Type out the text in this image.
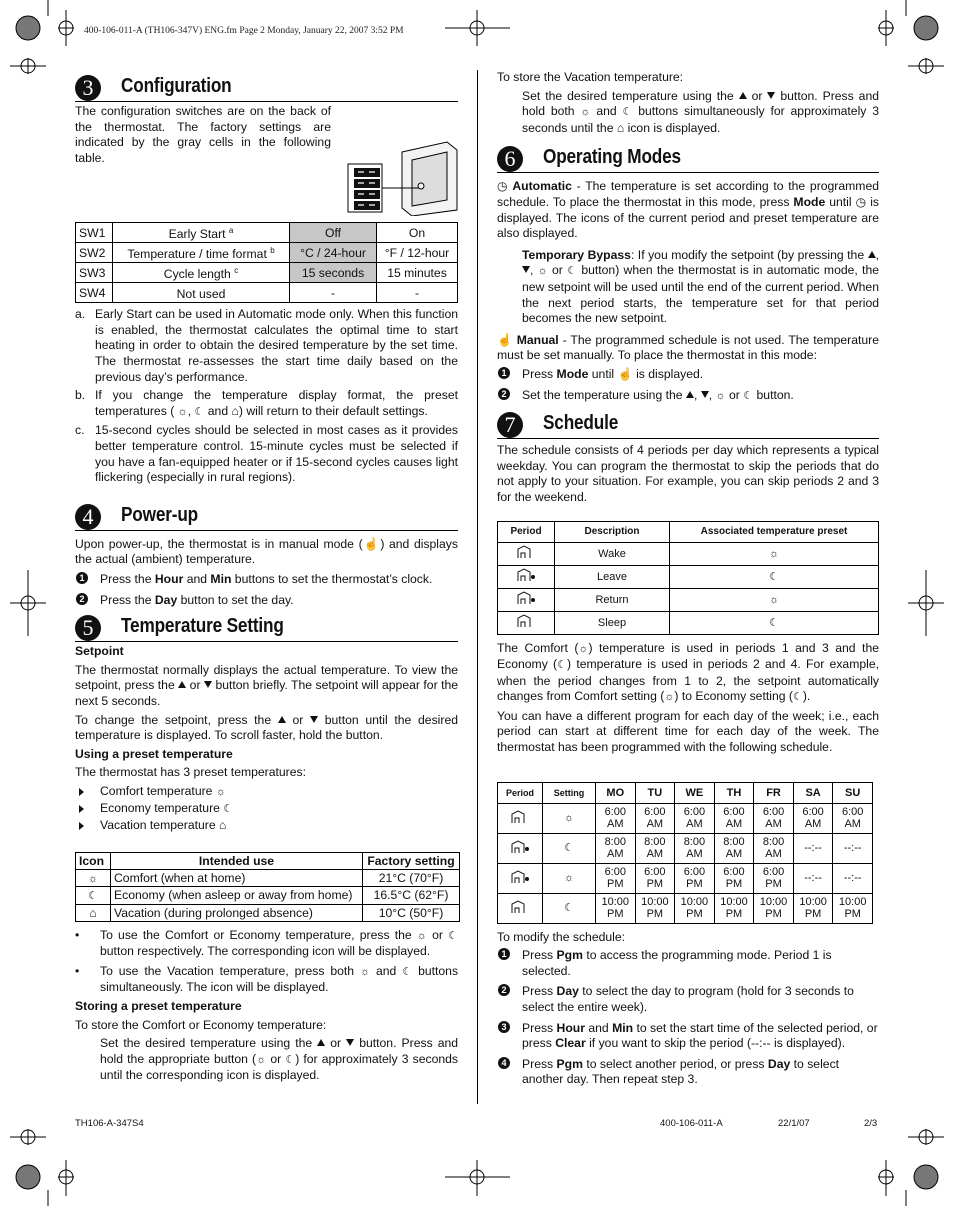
400-106-011-A (TH106-347V) ENG.fm Page 2 Monday, January 22, 2007 3:52 PM
3	Configuration

The configuration switches are on the back of the thermostat. The factory settings are indicated by the gray cells in the following table.

SW1	Early Start $^a$	Off	On
SW2	Temperature / time format $^b$	°C / 24-hour	°F / 12-hour
SW3	Cycle length $^c$	15 seconds	15 minutes
SW4	Not used	-	-
a. Early Start can be used in Automatic mode only. When this function is enabled, the thermostat calculates the optimal time to start heating in order to obtain the desired temperature by the set time. The thermostat re-assesses the start time daily based on the previous day’s performance.

b. If you change the temperature display format, the preset temperatures ( ☼, ☾ and ⌂) will return to their default settings.

c. 15-second cycles should be selected in most cases as it provides better temperature control. 15-minute cycles must be selected if you have a fan-equipped heater or if 15-second cycles causes light flickering (especially in rural regions).

4	Power-up

Upon power-up, the thermostat is in manual mode (☝) and displays the actual (ambient) temperature.

1 Press the Hour and Min buttons to set the thermostat’s clock.
2 Press the Day button to set the day.
5	Temperature Setting

Setpoint

The thermostat normally displays the actual temperature. To view the setpoint, press the or button briefly. The setpoint will appear for the next 5 seconds.

To change the setpoint, press the or button until the desired temperature is displayed. To scroll faster, hold the button.

Using a preset temperature

The thermostat has 3 preset temperatures:

Comfort temperature ☼
Economy temperature ☾
Vacation temperature ⌂
Icon	Intended use	Factory setting
☼	Comfort (when at home)	21°C (70°F)
☾	Economy (when asleep or away from home)	16.5°C (62°F)
⌂	Vacation (during prolonged absence)	10°C (50°F)
• To use the Comfort or Economy temperature, press the ☼ or ☾ button respectively. The corresponding icon will be displayed.

• To use the Vacation temperature, press both ☼ and ☾ buttons simultaneously. The icon will be displayed.

Storing a preset temperature

To store the Comfort or Economy temperature:

Set the desired temperature using the or button. Press and hold the appropriate button (☼ or ☾) for approximately 3 seconds until the corresponding icon is displayed.

To store the Vacation temperature:

Set the desired temperature using the or button. Press and hold both ☼ and ☾ buttons simultaneously for approximately 3 seconds until the ⌂ icon is displayed.

6	Operating Modes

◷ Automatic - The temperature is set according to the programmed schedule. To place the thermostat in this mode, press Mode until ◷ is displayed. The icons of the current period and preset temperature are also displayed.

Temporary Bypass: If you modify the setpoint (by pressing the , , ☼ or ☾ button) when the thermostat is in automatic mode, the new setpoint will be used until the end of the current period. When the next period starts, the temperature set for that period becomes the new setpoint.

☝ Manual - The programmed schedule is not used. The temperature must be set manually. To place the thermostat in this mode:

1 Press Mode until ☝ is displayed.
2 Set the temperature using the , , ☼ or ☾ button.
7	Schedule

The schedule consists of 4 periods per day which represents a typical weekday. You can program the thermostat to skip the periods that do not apply to your situation. For example, you can skip periods 2 and 3 for the weekend.

Period	Description	Associated temperature preset
	Wake	☼
	Leave	☾
	Return	☼
	Sleep	☾

The Comfort (☼) temperature is used in periods 1 and 3 and the Economy (☾) temperature is used in periods 2 and 4. For example, when the period changes from 1 to 2, the setpoint automatically changes from Comfort setting (☼) to Economy setting (☾).

You can have a different program for each day of the week; i.e., each period can start at different time for each day of the week. The thermostat has been programmed with the following schedule.

Period	Setting	MO	TU	WE	TH	FR	SA	SU
	☼	6:00 AM	6:00 AM	6:00 AM	6:00 AM	6:00 AM	6:00 AM	6:00 AM
	☾	8:00 AM	8:00 AM	8:00 AM	8:00 AM	8:00 AM	--:--	--:--
	☼	6:00 PM	6:00 PM	6:00 PM	6:00 PM	6:00 PM	--:--	--:--
	☾	10:00 PM	10:00 PM	10:00 PM	10:00 PM	10:00 PM	10:00 PM	10:00 PM

To modify the schedule:

1 Press Pgm to access the programming mode. Period 1 is selected.
2 Press Day to select the day to program (hold for 3 seconds to select the entire week).
3 Press Hour and Min to set the start time of the selected period, or press Clear if you want to skip the period (--:-- is displayed).
4 Press Pgm to select another period, or press Day to select another day. Then repeat step 3.
TH106-A-347S4	400-106-011-A	22/1/07	2/3
